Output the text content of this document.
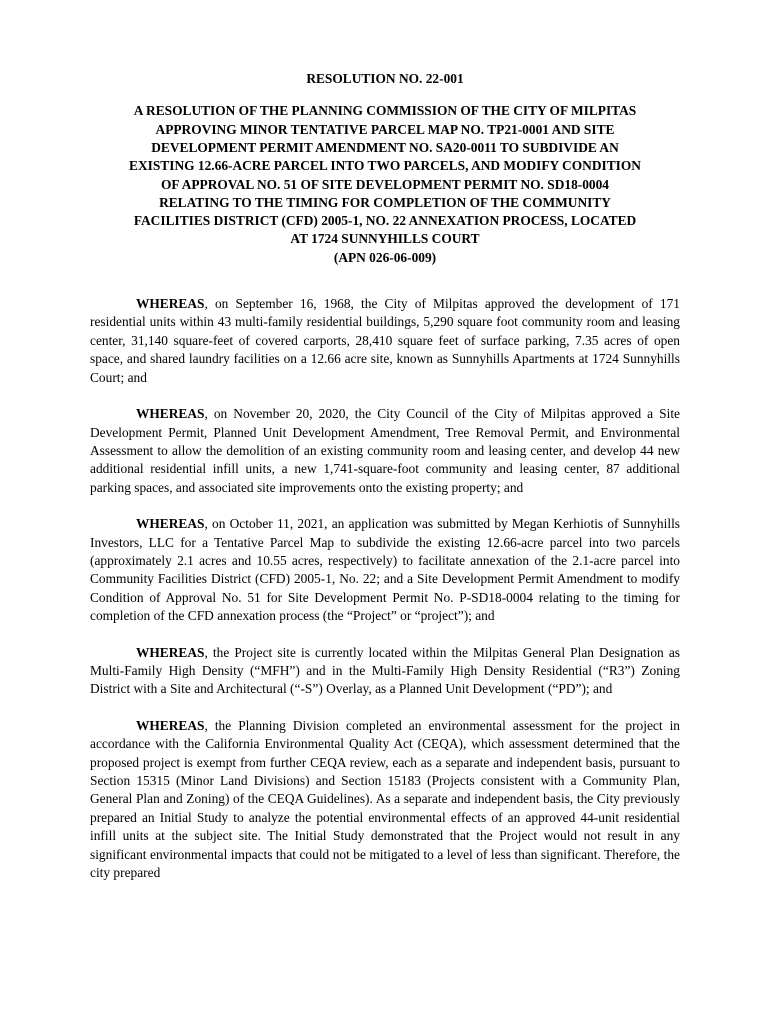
RESOLUTION NO. 22-001
A RESOLUTION OF THE PLANNING COMMISSION OF THE CITY OF MILPITAS
APPROVING MINOR TENTATIVE PARCEL MAP NO. TP21-0001 AND SITE
DEVELOPMENT PERMIT AMENDMENT NO. SA20-0011 TO SUBDIVIDE AN
EXISTING 12.66-ACRE PARCEL INTO TWO PARCELS, AND MODIFY CONDITION
OF APPROVAL NO. 51 OF SITE DEVELOPMENT PERMIT NO. SD18-0004
RELATING TO THE TIMING FOR COMPLETION OF THE COMMUNITY
FACILITIES DISTRICT (CFD) 2005-1, NO. 22 ANNEXATION PROCESS, LOCATED
AT 1724 SUNNYHILLS COURT
(APN 026-06-009)

WHEREAS, on September 16, 1968, the City of Milpitas approved the development of 171 residential units within 43 multi-family residential buildings, 5,290 square foot community room and leasing center, 31,140 square-feet of covered carports, 28,410 square feet of surface parking, 7.35 acres of open space, and shared laundry facilities on a 12.66 acre site, known as Sunnyhills Apartments at 1724 Sunnyhills Court; and

WHEREAS, on November 20, 2020, the City Council of the City of Milpitas approved a Site Development Permit, Planned Unit Development Amendment, Tree Removal Permit, and Environmental Assessment to allow the demolition of an existing community room and leasing center, and develop 44 new additional residential infill units, a new 1,741-square-foot community and leasing center, 87 additional parking spaces, and associated site improvements onto the existing property; and

WHEREAS, on October 11, 2021, an application was submitted by Megan Kerhiotis of Sunnyhills Investors, LLC for a Tentative Parcel Map to subdivide the existing 12.66-acre parcel into two parcels (approximately 2.1 acres and 10.55 acres, respectively) to facilitate annexation of the 2.1-acre parcel into Community Facilities District (CFD) 2005-1, No. 22; and a Site Development Permit Amendment to modify Condition of Approval No. 51 for Site Development Permit No. P-SD18-0004 relating to the timing for completion of the CFD annexation process (the “Project” or “project”); and

WHEREAS, the Project site is currently located within the Milpitas General Plan Designation as Multi-Family High Density (“MFH”) and in the Multi-Family High Density Residential (“R3”) Zoning District with a Site and Architectural (“-S”) Overlay, as a Planned Unit Development (“PD”); and

WHEREAS, the Planning Division completed an environmental assessment for the project in accordance with the California Environmental Quality Act (CEQA), which assessment determined that the proposed project is exempt from further CEQA review, each as a separate and independent basis, pursuant to Section 15315 (Minor Land Divisions) and Section 15183 (Projects consistent with a Community Plan, General Plan and Zoning) of the CEQA Guidelines). As a separate and independent basis, the City previously prepared an Initial Study to analyze the potential environmental effects of an approved 44-unit residential infill units at the subject site. The Initial Study demonstrated that the Project would not result in any significant environmental impacts that could not be mitigated to a level of less than significant. Therefore, the city prepared
